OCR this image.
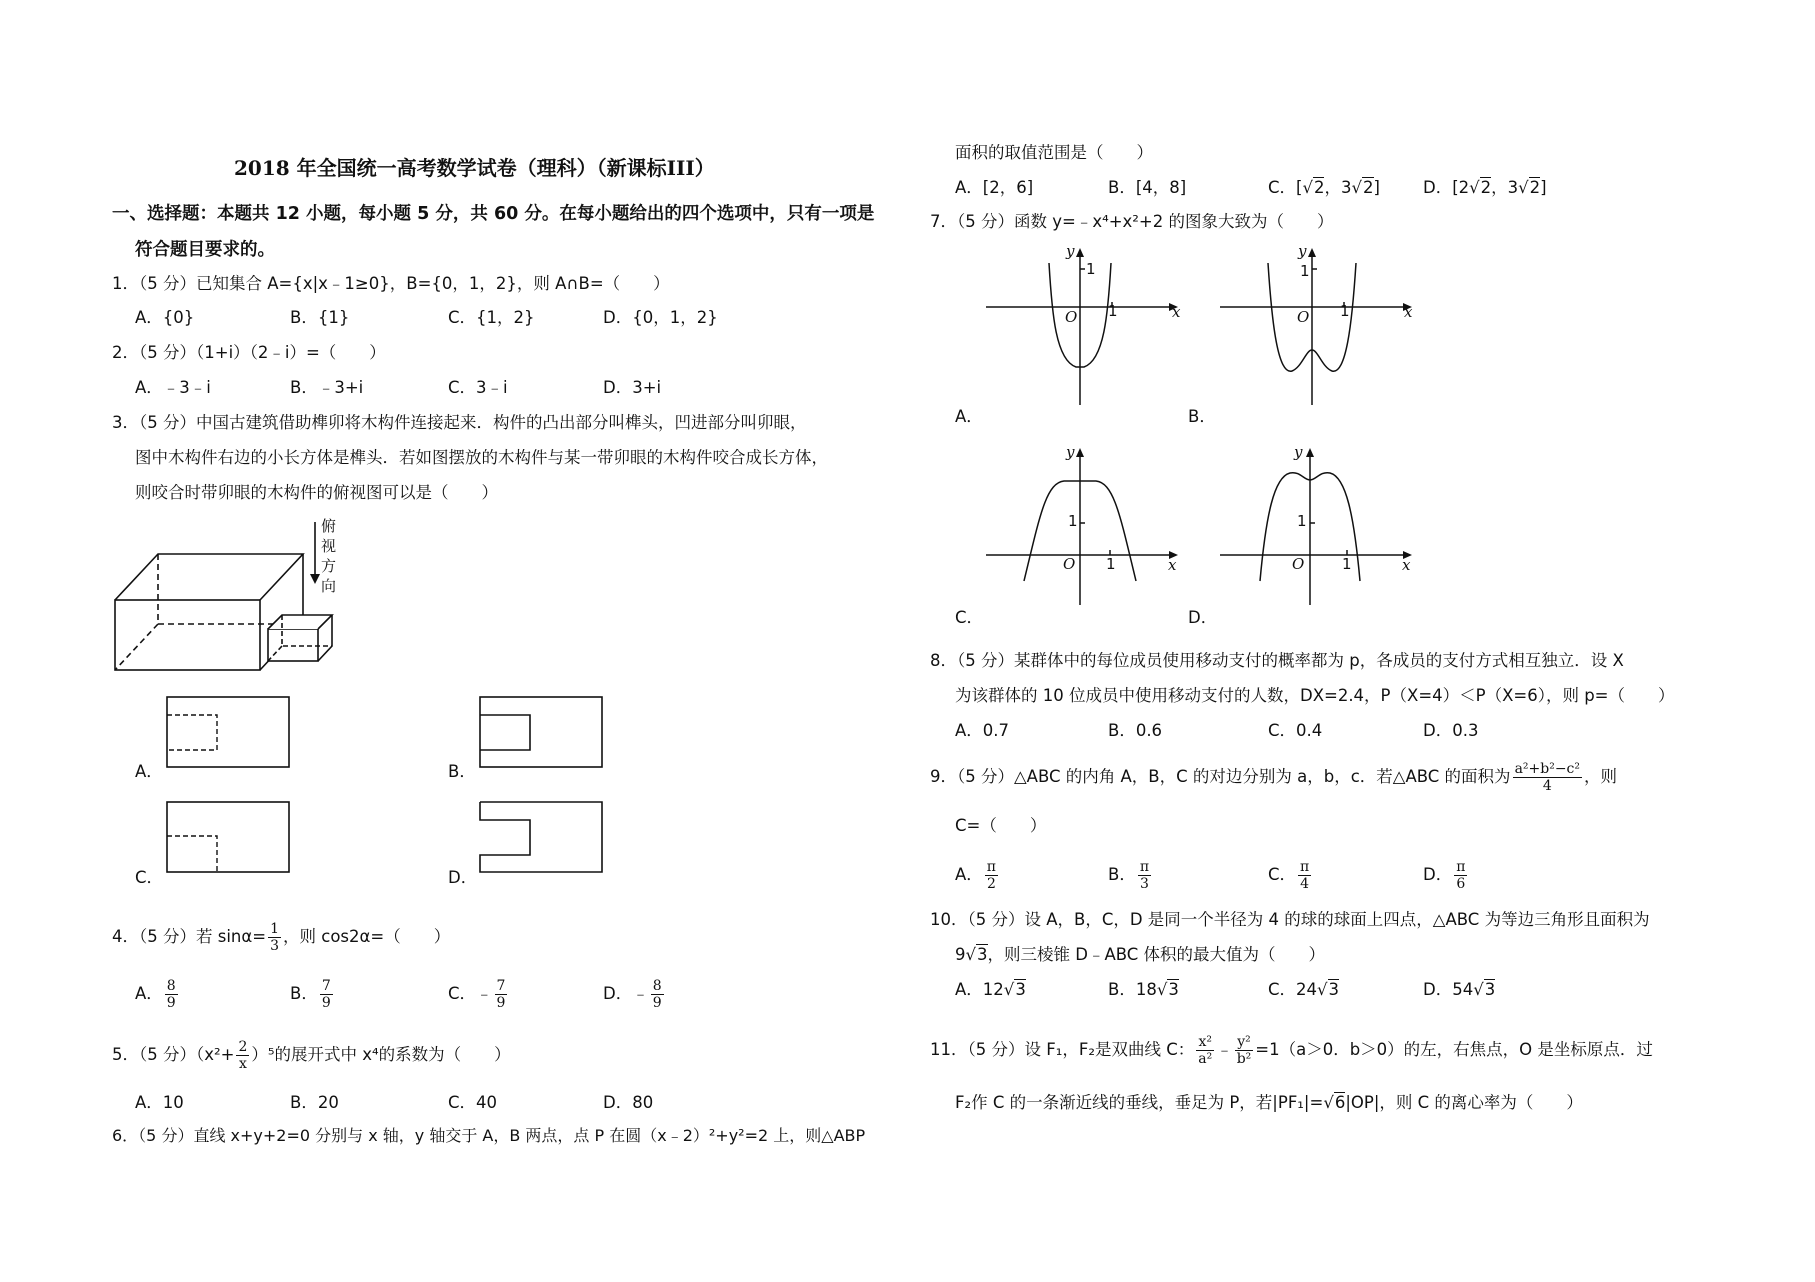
2018 年全国统一高考数学试卷（理科）（新课标III）
一、选择题：本题共 12 小题，每小题 5 分，共 60 分。在每小题给出的四个选项中，只有一项是
符合题目要求的。
1．（5 分）已知集合 A={x|x﹣1≥0}，B={0，1，2}，则 A∩B=（　　）
A．{0}	B．{1}	C．{1，2}	D．{0，1，2}
2．（5 分）（1+i）（2﹣i）=（　　）
A．﹣3﹣i	B．﹣3+i	C．3﹣i	D．3+i
3．（5 分）中国古建筑借助榫卯将木构件连接起来．构件的凸出部分叫榫头，凹进部分叫卯眼，
图中木构件右边的小长方体是榫头．若如图摆放的木构件与某一带卯眼的木构件咬合成长方体，
则咬合时带卯眼的木构件的俯视图可以是（　　）
俯
视
方
向
A．	B．
C．	D．
4．（5 分）若 $\sin\alpha= \frac{1}{3}$ ，则 cos2α=（　　）
A． $\frac{8}{9}$	B． $\frac{7}{9}$	C．﹣ $\frac{7}{9}$	D．﹣ $\frac{8}{9}$
5．（5 分）$(x^2+ \frac{2}{x} )^5$的展开式中 x⁴的系数为（　　）
A．10	B．20	C．40	D．80
6．（5 分）直线 x+y+2=0 分别与 x 轴，y 轴交于 A，B 两点，点 P 在圆（x﹣2）²+y²=2 上，则△ABP
面积的取值范围是（　　）
A．[2，6]	B．[4，8]	C．[√2，3√2]	D．[2√2，3√2]
7．（5 分）函数 y=﹣x⁴+x²+2 的图象大致为（　　）
y
1
O 1	x
A．
y
1
O 1	x
B．
y
1
O 1	x
C．
y
1
O	1	x
D．
8．（5 分）某群体中的每位成员使用移动支付的概率都为 p，各成员的支付方式相互独立．设 X
为该群体的 10 位成员中使用移动支付的人数，DX=2.4，P（X=4）＜P（X=6），则 p=（　　）
A．0.7	B．0.6	C．0.4	D．0.3
9．（5 分）△ABC 的内角 A，B，C 的对边分别为 a，b，c．若△ABC 的面积为 $\frac{\text{a²+b²−c²}}{4}$ ，则
C=（　　）
A． $\frac{\pi}{2}$	B． $\frac{\pi}{3}$	C． $\frac{\pi}{4}$	D． $\frac{\pi}{6}$
10．（5 分）设 A，B，C，D 是同一个半径为 4 的球的球面上四点，△ABC 为等边三角形且面积为
9√3，则三棱锥 D﹣ABC 体积的最大值为（　　）
A．12√3	B．18√3	C．24√3	D．54√3
11．（5 分）设 F₁，F₂是双曲线 C： $\frac{\text{x²}}{\text{a²}}$ ﹣ $\frac{\text{y²}}{\text{b²}} =1(a>0$．b＞0）的左，右焦点，O 是坐标原点．过
F₂作 C 的一条渐近线的垂线，垂足为 P，若|PF₁|=√6|OP|，则 C 的离心率为（　　）
